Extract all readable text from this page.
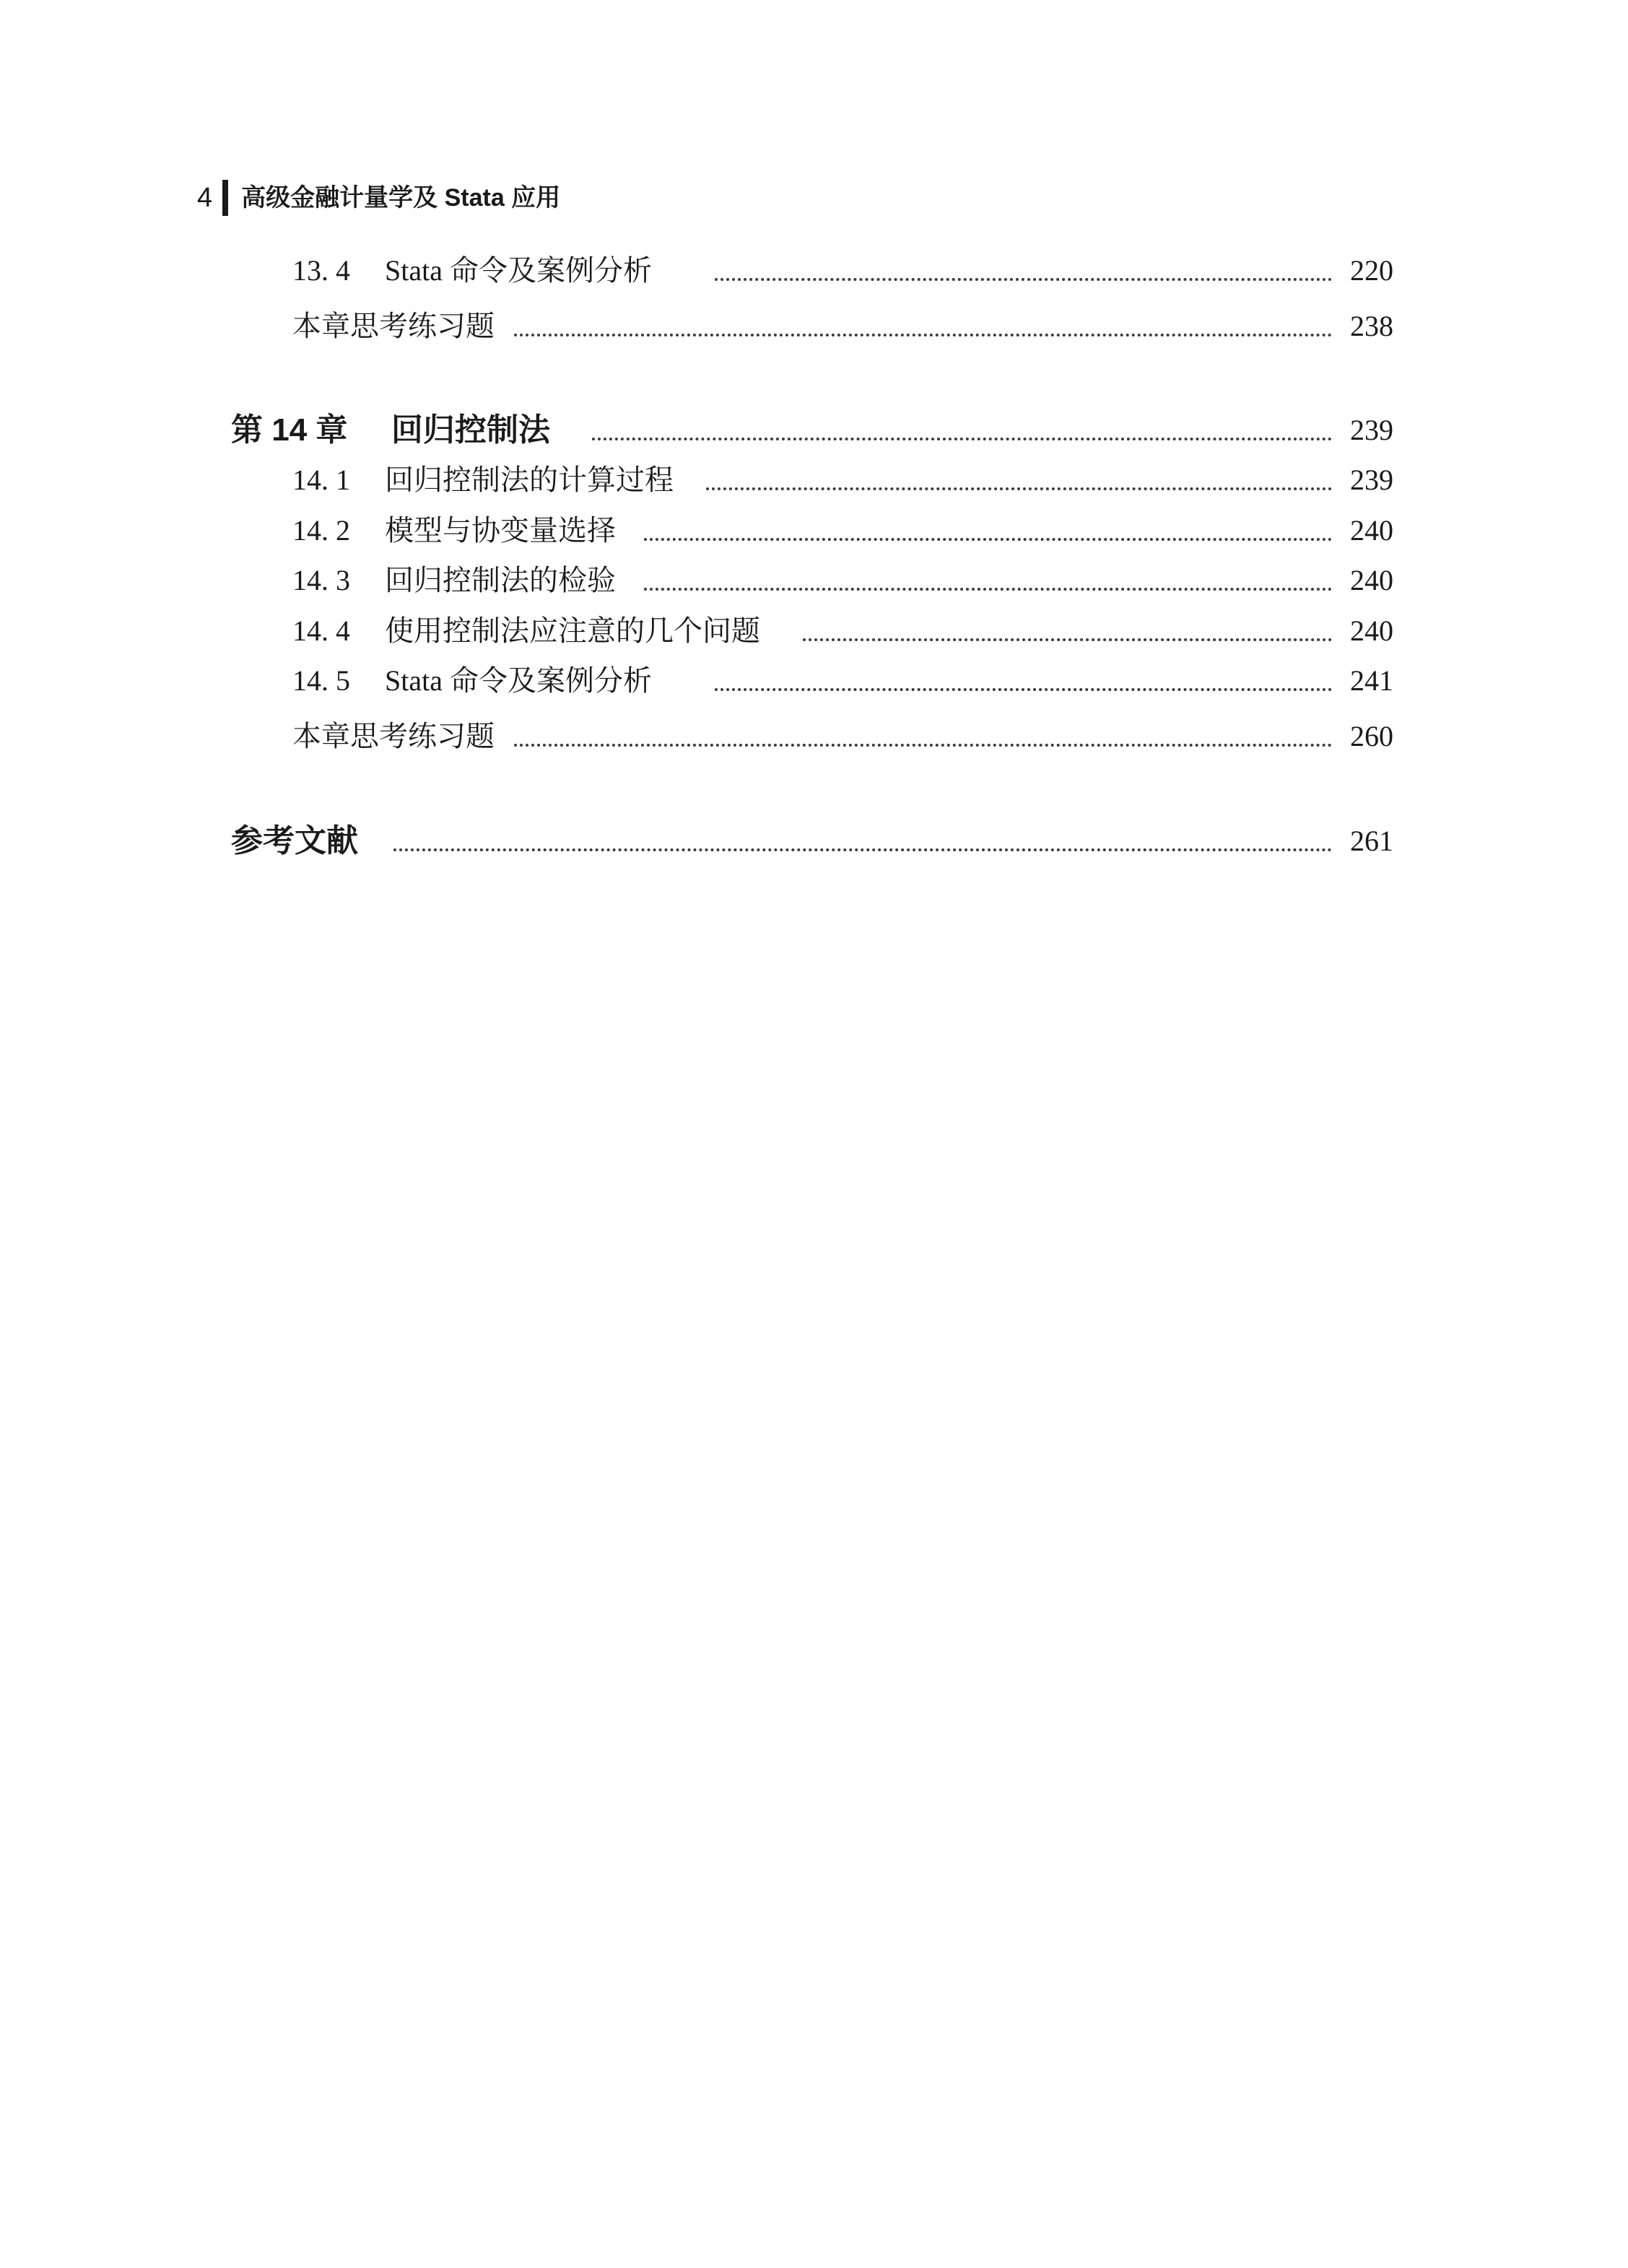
4 高级金融计量学及 Stata 应用
13. 4 Stata 命令及案例分析	220
本章思考练习题	238
第 14 章 回归控制法	239
14. 1 回归控制法的计算过程	239
14. 2 模型与协变量选择	240
14. 3 回归控制法的检验	240
14. 4 使用控制法应注意的几个问题	240
14. 5 Stata 命令及案例分析	241
本章思考练习题	260
参考文献	261
